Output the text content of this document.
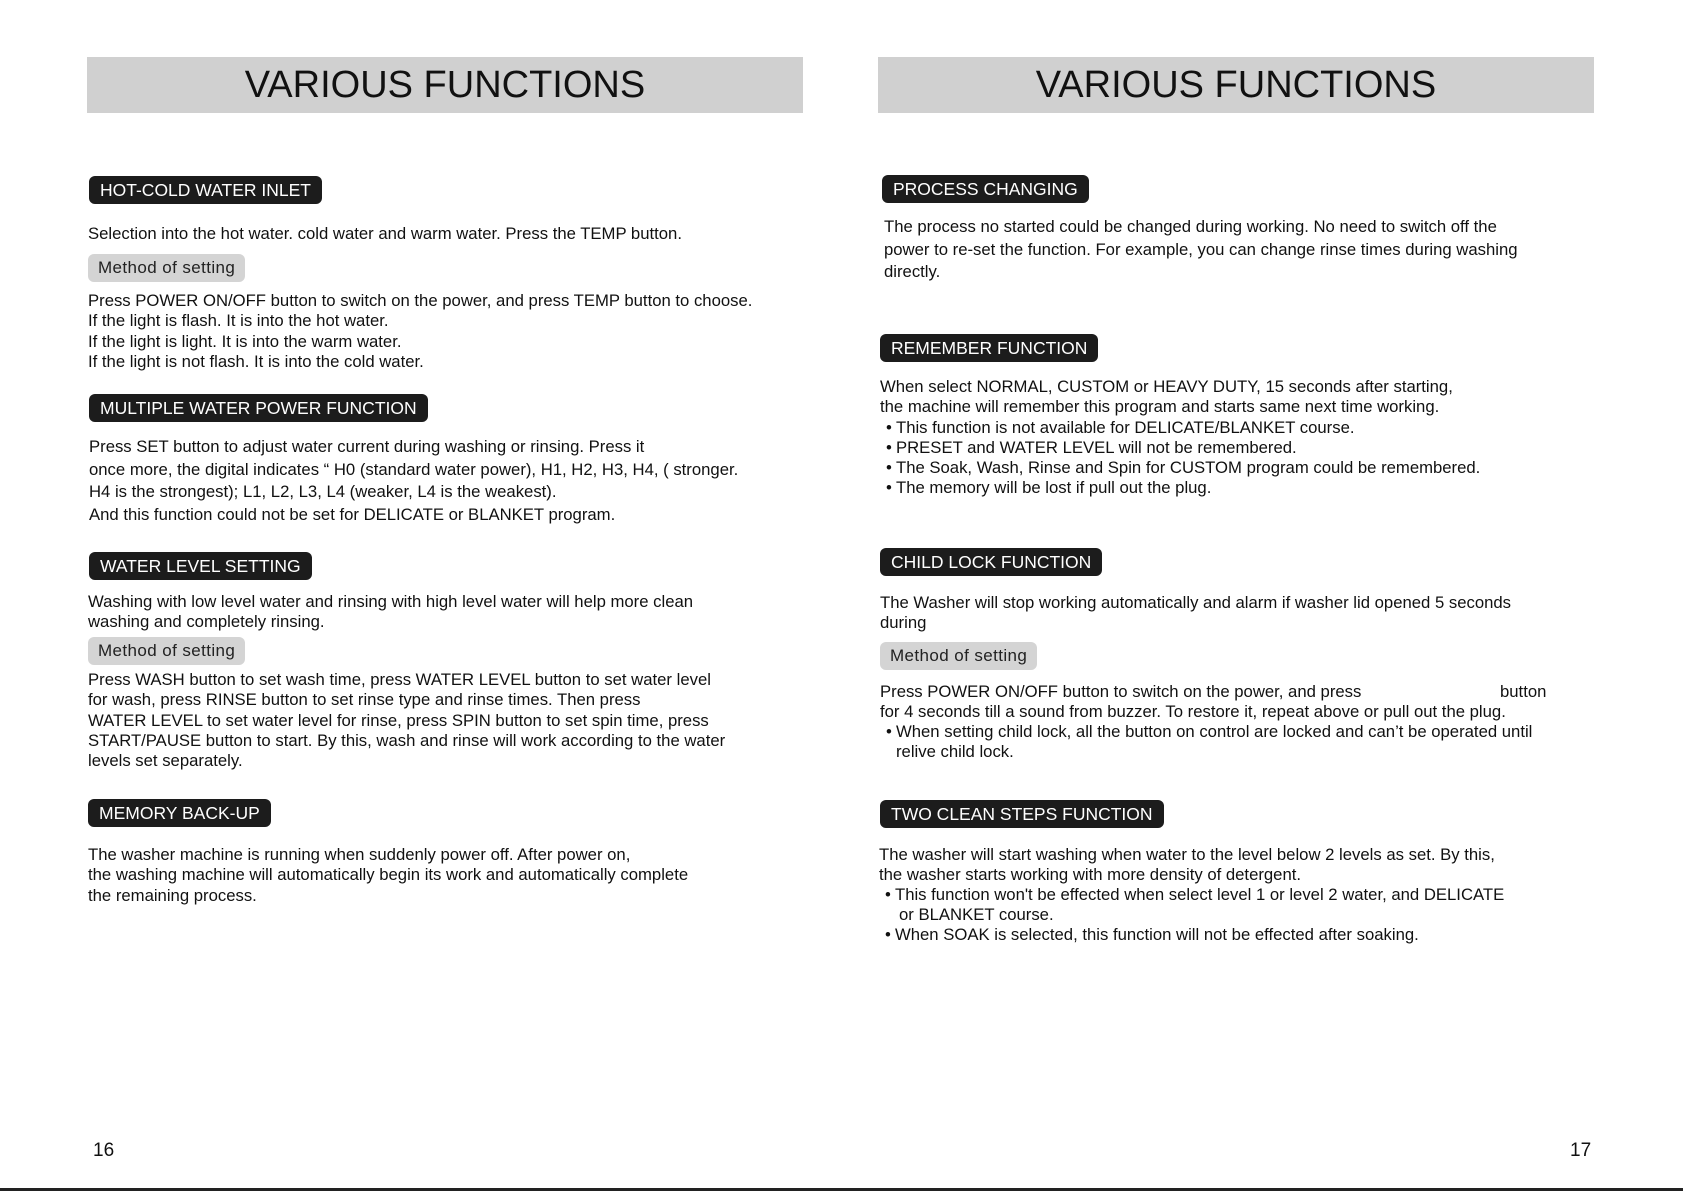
VARIOUS FUNCTIONS
HOT-COLD WATER INLET
Selection into the hot water. cold water and warm water. Press the TEMP button.
Method of setting
Press POWER ON/OFF button to switch on the power, and press TEMP button to choose.
If the light is flash. It is into the hot water.
If the light is light. It is into the warm water.
If the light is not flash. It is into the cold water.
MULTIPLE WATER POWER FUNCTION
Press SET button to adjust water current during washing or rinsing. Press it
once more, the digital indicates “ H0 (standard water power), H1, H2, H3, H4, ( stronger.
H4 is the strongest); L1, L2, L3, L4 (weaker, L4 is the weakest).
And this function could not be set for DELICATE or BLANKET program.
WATER LEVEL SETTING
Washing with low level water and rinsing with high level water will help more clean
washing and completely rinsing.
Method of setting
Press WASH button to set wash time, press WATER LEVEL button to set water level
for wash, press RINSE button to set rinse type and rinse times. Then press
WATER LEVEL to set water level for rinse, press SPIN button to set spin time, press
START/PAUSE button to start. By this, wash and rinse will work according to the water
levels set separately.
MEMORY BACK-UP
The washer machine is running when suddenly power off. After power on,
the washing machine will automatically begin its work and automatically complete
the remaining process.
16
VARIOUS FUNCTIONS
PROCESS CHANGING
The process no started could be changed during working. No need to switch off the
power to re-set the function. For example, you can change rinse times during washing
directly.
REMEMBER FUNCTION
When select NORMAL, CUSTOM or HEAVY DUTY, 15 seconds after starting,
the machine will remember this program and starts same next time working.
• This function is not available for DELICATE/BLANKET course.
• PRESET and WATER LEVEL will not be remembered.
• The Soak, Wash, Rinse and Spin for CUSTOM program could be remembered.
• The memory will be lost if pull out the plug.
CHILD LOCK FUNCTION
The Washer will stop working automatically and alarm if washer lid opened 5 seconds
during
Method of setting
Press POWER ON/OFF button to switch on the power, and press	button
for 4 seconds till a sound from buzzer. To restore it, repeat above or pull out the plug.
• When setting child lock, all the button on control are locked and can’t be operated until
relive child lock.
TWO CLEAN STEPS FUNCTION
The washer will start washing when water to the level below 2 levels as set. By this,
the washer starts working with more density of detergent.
• This function won't be effected when select level 1 or level 2 water, and DELICATE
or BLANKET course.
• When SOAK is selected, this function will not be effected after soaking.
17
